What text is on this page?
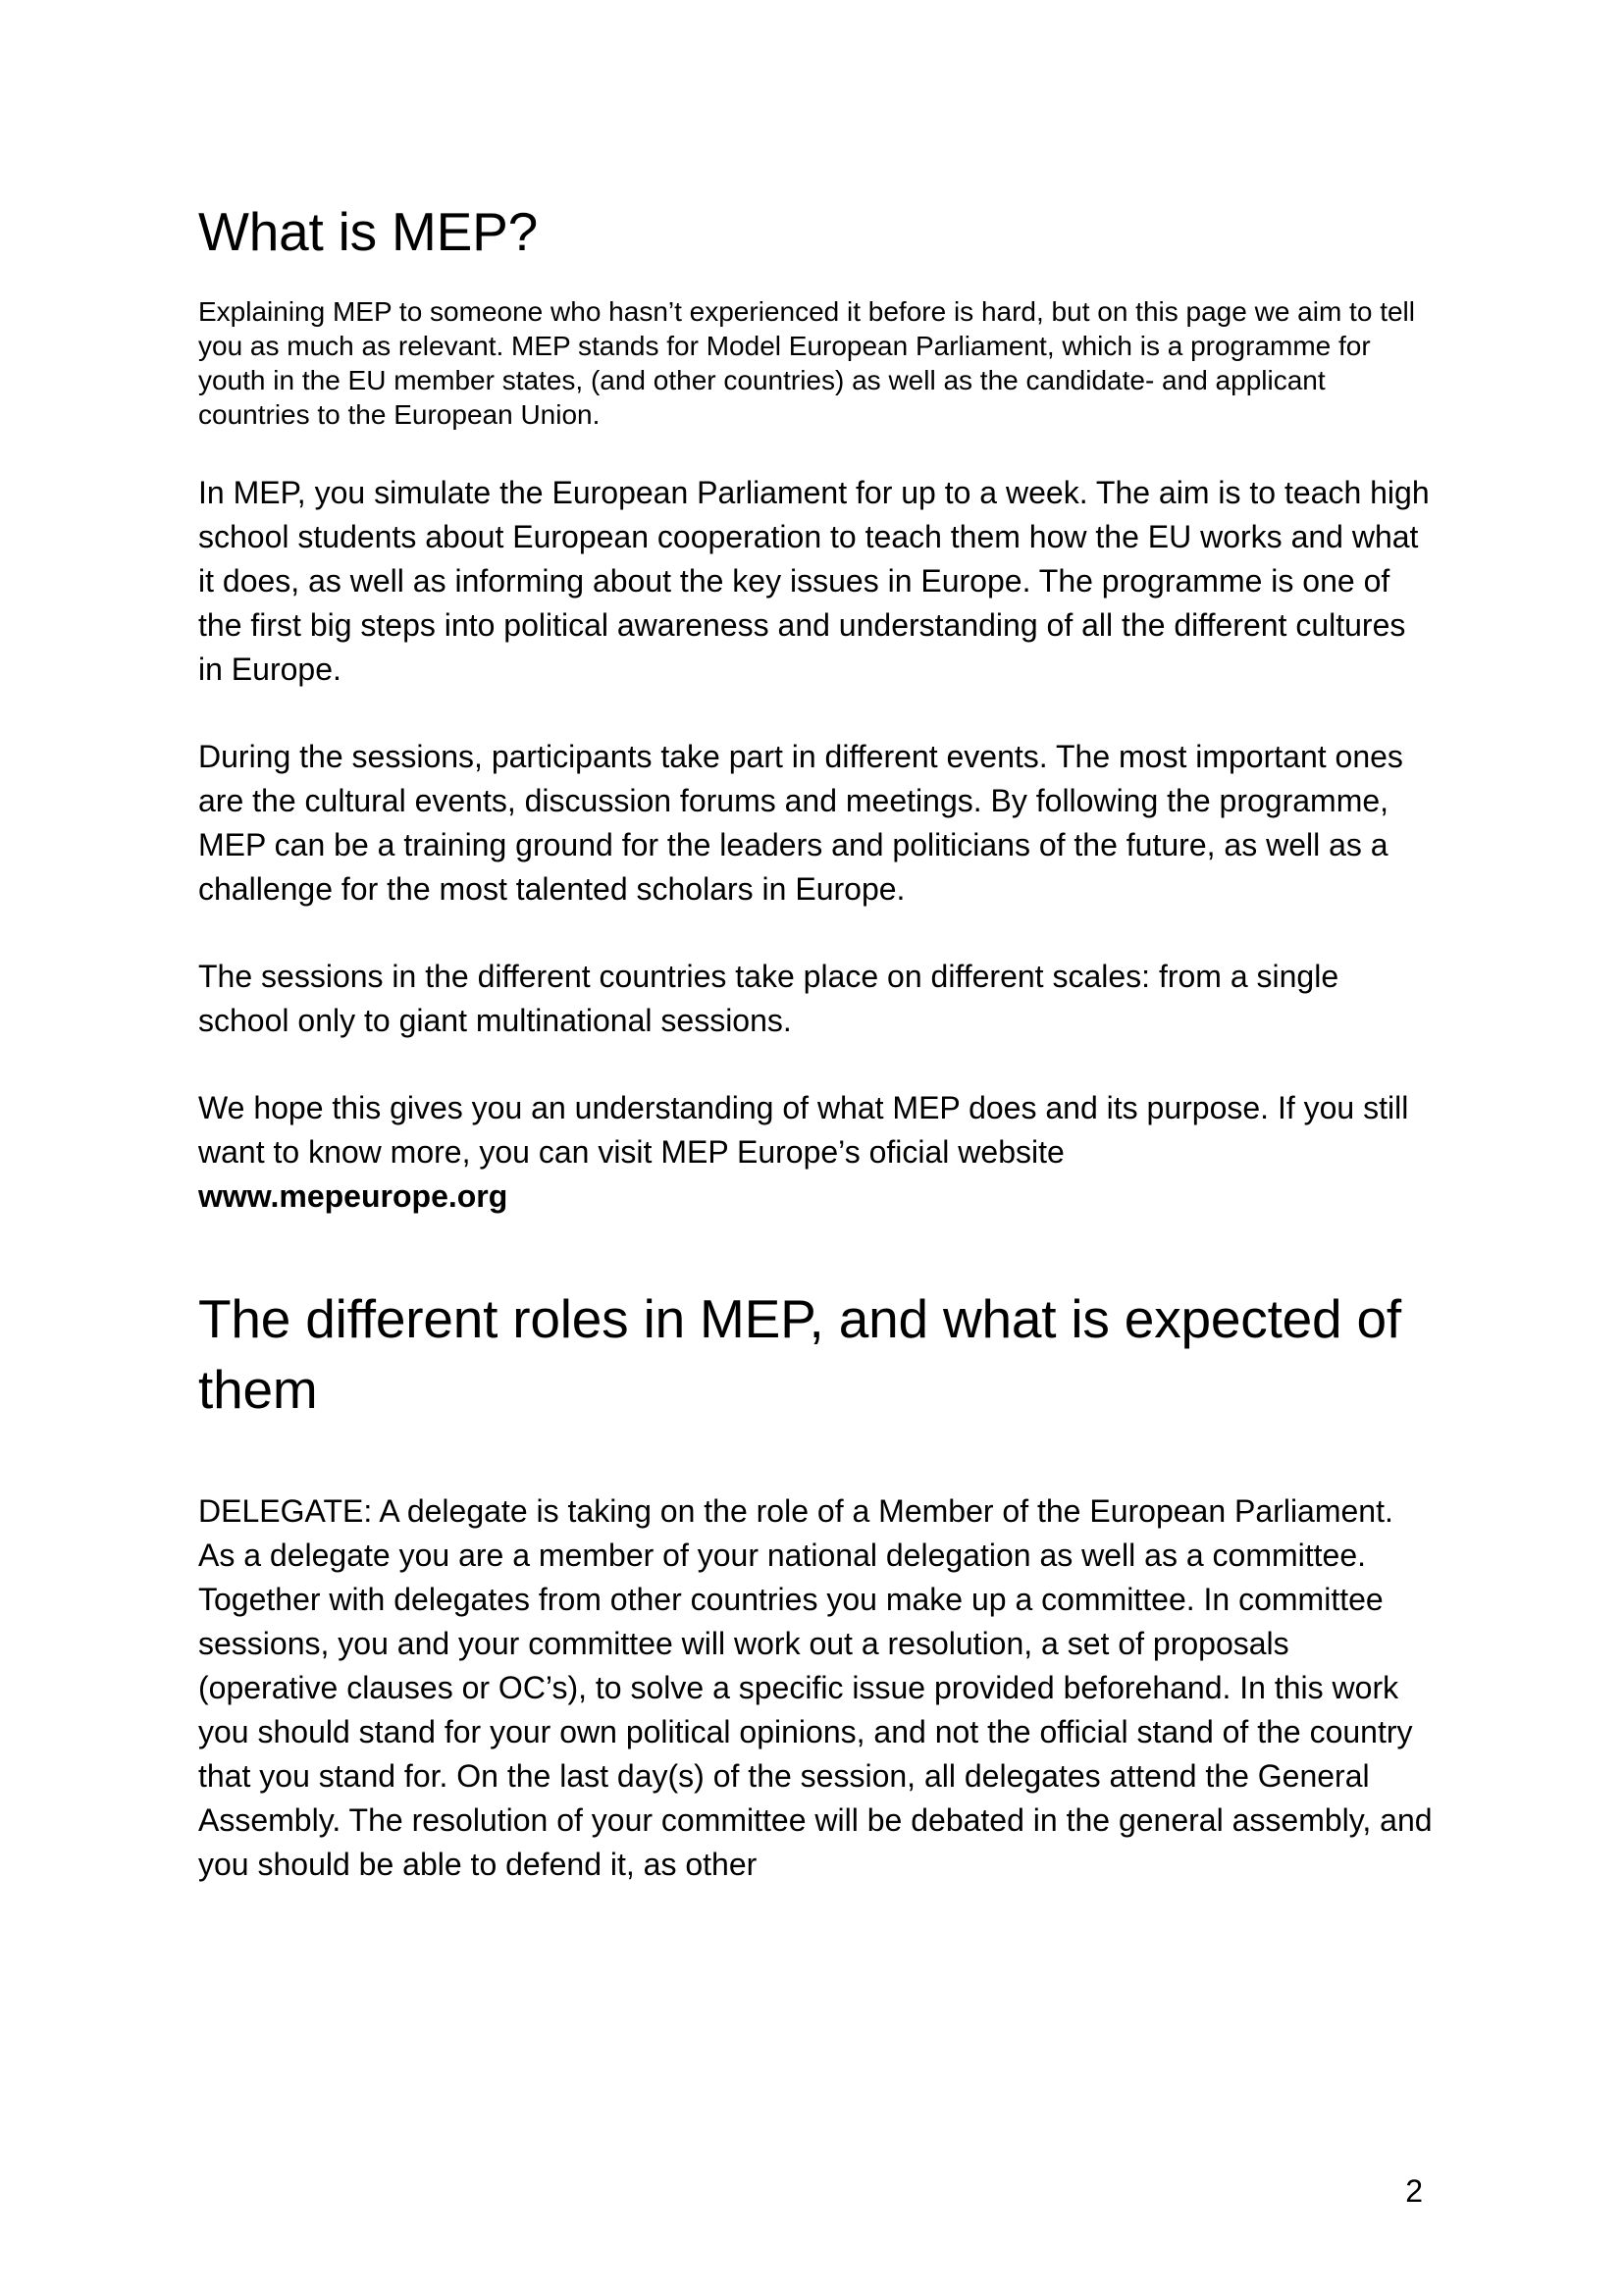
What is MEP?

Explaining MEP to someone who hasn’t experienced it before is hard, but on this page we aim to tell you as much as relevant. MEP stands for Model European Parliament, which is a programme for youth in the EU member states, (and other countries) as well as the candidate- and applicant countries to the European Union.

In MEP, you simulate the European Parliament for up to a week. The aim is to teach high school students about European cooperation to teach them how the EU works and what it does, as well as informing about the key issues in Europe. The programme is one of the first big steps into political awareness and understanding of all the different cultures in Europe.

During the sessions, participants take part in different events. The most important ones are the cultural events, discussion forums and meetings. By following the programme, MEP can be a training ground for the leaders and politicians of the future, as well as a challenge for the most talented scholars in Europe.

The sessions in the different countries take place on different scales: from a single school only to giant multinational sessions.

We hope this gives you an understanding of what MEP does and its purpose. If you still want to know more, you can visit MEP Europe’s oficial website
www.mepeurope.org

The different roles in MEP, and what is expected of them

DELEGATE: A delegate is taking on the role of a Member of the European Parliament. As a delegate you are a member of your national delegation as well as a committee. Together with delegates from other countries you make up a committee. In committee sessions, you and your committee will work out a resolution, a set of proposals (operative clauses or OC’s), to solve a specific issue provided beforehand. In this work you should stand for your own political opinions, and not the official stand of the country that you stand for. On the last day(s) of the session, all delegates attend the General Assembly. The resolution of your committee will be debated in the general assembly, and you should be able to defend it, as other

2
